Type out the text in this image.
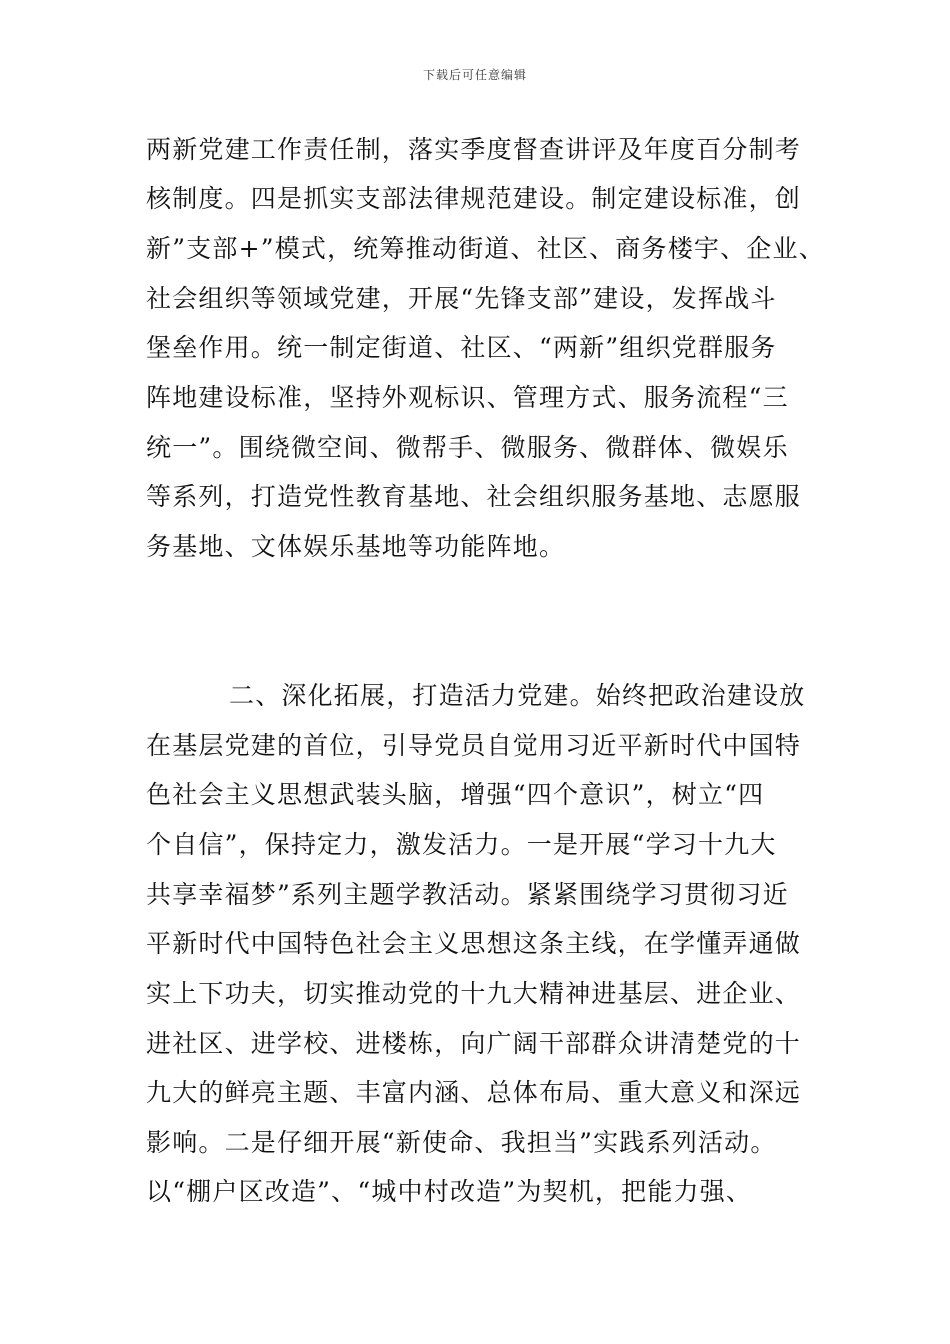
下载后可任意编辑
两新党建工作责任制，落实季度督查讲评及年度百分制考
核制度。四是抓实支部法律规范建设。制定建设标准，创
新”支部+”模式，统筹推动街道、社区、商务楼宇、企业、
社会组织等领域党建，开展“先锋支部”建设，发挥战斗
堡垒作用。统一制定街道、社区、“两新”组织党群服务
阵地建设标准，坚持外观标识、管理方式、服务流程“三
统一”。围绕微空间、微帮手、微服务、微群体、微娱乐
等系列，打造党性教育基地、社会组织服务基地、志愿服
务基地、文体娱乐基地等功能阵地。
二、深化拓展，打造活力党建。始终把政治建设放
在基层党建的首位，引导党员自觉用习近平新时代中国特
色社会主义思想武装头脑，增强“四个意识”，树立“四
个自信”，保持定力，激发活力。一是开展“学习十九大
共享幸福梦”系列主题学教活动。紧紧围绕学习贯彻习近
平新时代中国特色社会主义思想这条主线，在学懂弄通做
实上下功夫，切实推动党的十九大精神进基层、进企业、
进社区、进学校、进楼栋，向广阔干部群众讲清楚党的十
九大的鲜亮主题、丰富内涵、总体布局、重大意义和深远
影响。二是仔细开展“新使命、我担当”实践系列活动。
以“棚户区改造”、“城中村改造”为契机，把能力强、
